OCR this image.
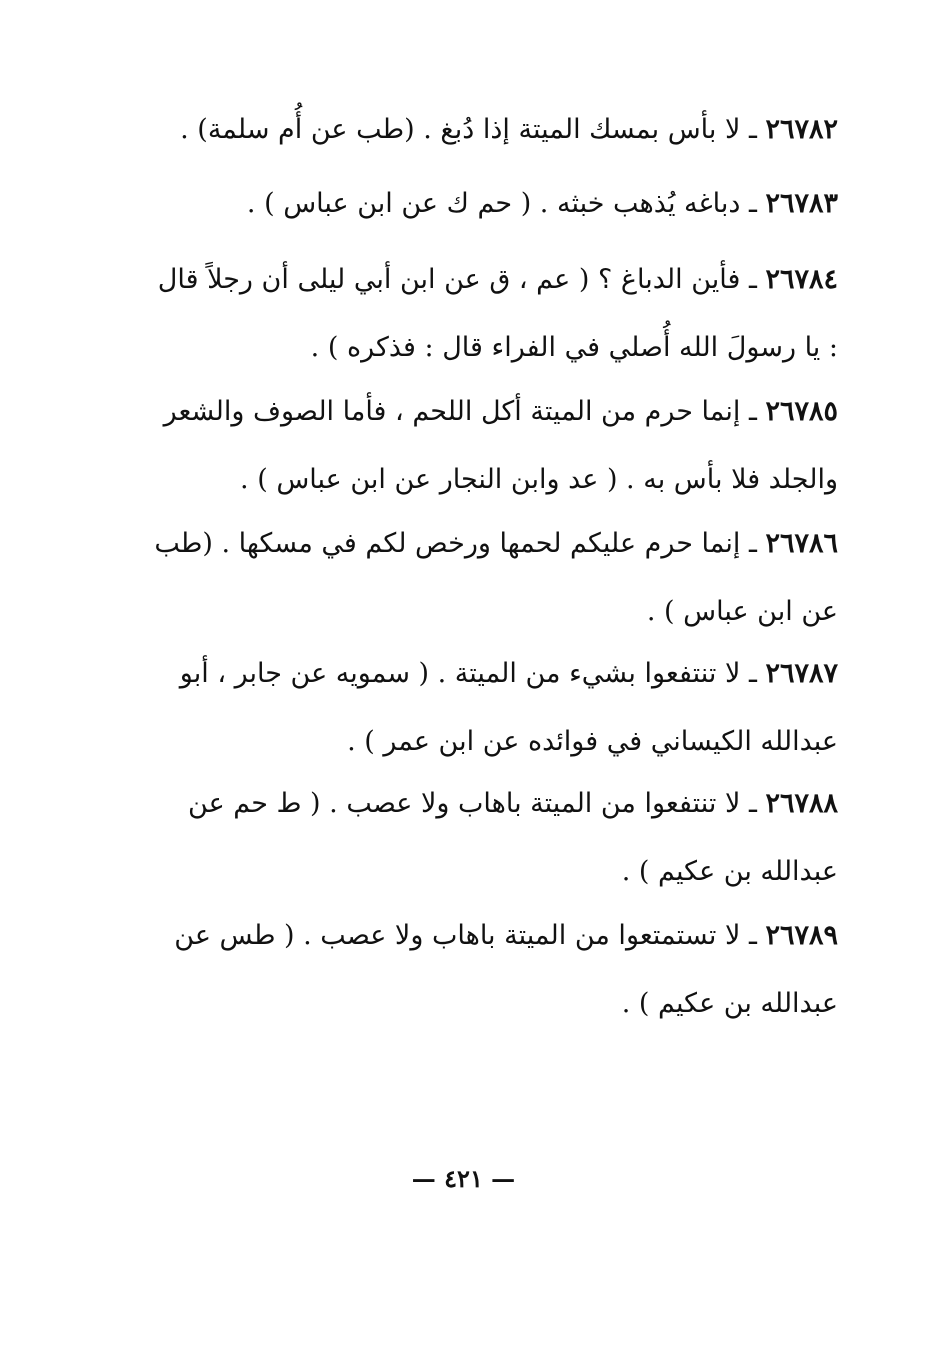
٢٦٧٨٢ ـ لا بأس بمسك الميتة إذا دُبغ . (طب عن أُم سلمة) .
٢٦٧٨٣ ـ دباغه يُذهب خبثه . ( حم ك عن ابن عباس ) .
٢٦٧٨٤ ـ فأين الدباغ ؟ ( عم ، ق عن ابن أبي ليلى أن رجلاً قال : يا رسولَ الله أُصلي في الفراء قال : فذكره ) .
٢٦٧٨٥ ـ إنما حرم من الميتة أكل اللحم ، فأما الصوف والشعر والجلد فلا بأس به . ( عد وابن النجار عن ابن عباس ) .
٢٦٧٨٦ ـ إنما حرم عليكم لحمها ورخص لكم في مسكها . (طب عن ابن عباس ) .
٢٦٧٨٧ ـ لا تنتفعوا بشيء من الميتة . ( سمويه عن جابر ، أبو عبدالله الكيساني في فوائده عن ابن عمر ) .
٢٦٧٨٨ ـ لا تنتفعوا من الميتة باهاب ولا عصب . ( ط حم عن عبدالله بن عكيم ) .
٢٦٧٨٩ ـ لا تستمتعوا من الميتة باهاب ولا عصب . ( طس عن عبدالله بن عكيم ) .
— ٤٢١ —
